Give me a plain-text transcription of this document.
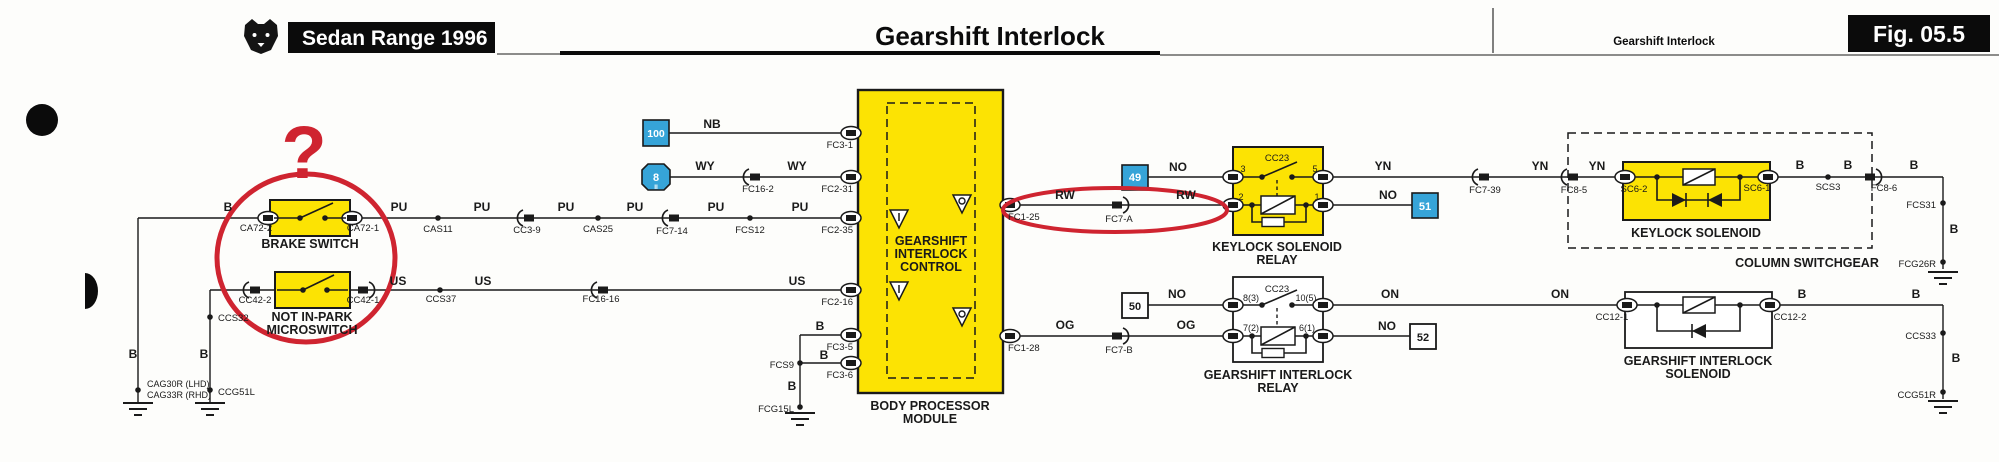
Sedan Range 1996	Gearshift Interlock	Gearshift Interlock	Fig. 05.5
?
BRAKE SWITCH
NOT IN-PARK
MICROSWITCH
GEARSHIFT
INTERLOCK
CONTROL
BODY PROCESSOR
MODULE
KEYLOCK SOLENOID
RELAY
KEYLOCK SOLENOID
COLUMN SWITCHGEAR
GEARSHIFT INTERLOCK
RELAY
GEARSHIFT INTERLOCK
SOLENOID
B	PU	PU	PU	PU	PU	PU
NB
WY	WY
US	US	US
B
B
B
B	B
RW	RW
NO
NO
YN	YN	YN	B	B	B
B
NO
OG	OG
ON	ON
NO
B	B
B
CA72-2	CA72-1
CC42-2	CC42-1
CAS11	CC3-9	CAS25	FC7-14	FCS12
FC16-2
CCS37	FC16-16
CCS32
CAG30R (LHD)
CAG33R (RHD) CCG51L
FCS9
FCG15L
FC3-1
FC2-31
FC2-35
FC2-16
FC3-5
FC3-6
FC1-25
FC1-28
FC7-A
FC7-B
FC7-39	FC8-5
CC23
CC23
3	5
2	1
8(3)	10(5)
7(2)	6(1)
SC6-2	SC6-1	SCS3	FC8-6
FCS31
FCG26R
CC12-1	CC12-2
CCS33
CCG51R
100
8
II
49
51
50
52
